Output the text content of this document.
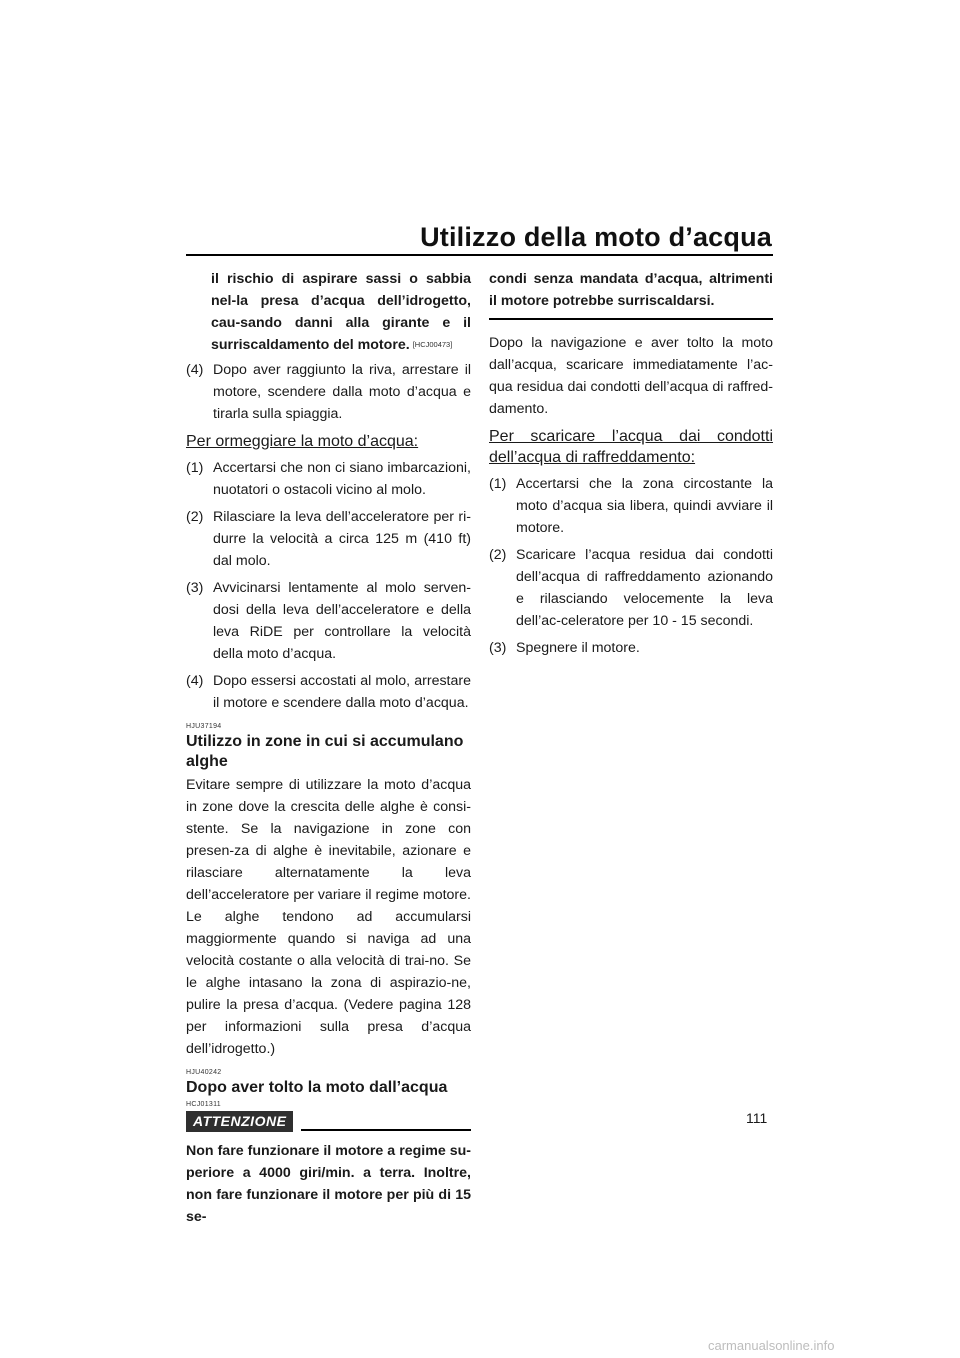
Utilizzo della moto d’acqua

il rischio di aspirare sassi o sabbia nel-la presa d’acqua dell’idrogetto, cau-sando danni alla girante e il surriscaldamento del motore. [HCJ00473]

(4) Dopo aver raggiunto la riva, arrestare il motore, scendere dalla moto d’acqua e tirarla sulla spiaggia.
Per ormeggiare la moto d’acqua:
(1) Accertarsi che non ci siano imbarcazioni, nuotatori o ostacoli vicino al molo.
(2) Rilasciare la leva dell’acceleratore per ri-durre la velocità a circa 125 m (410 ft) dal molo.
(3) Avvicinarsi lentamente al molo serven-dosi della leva dell’acceleratore e della leva RiDE per controllare la velocità della moto d’acqua.
(4) Dopo essersi accostati al molo, arrestare il motore e scendere dalla moto d’acqua.
HJU37194
Utilizzo in zone in cui si accumulano alghe

Evitare sempre di utilizzare la moto d’acqua in zone dove la crescita delle alghe è consi-stente. Se la navigazione in zone con presen-za di alghe è inevitabile, azionare e rilasciare alternatamente la leva dell’acceleratore per variare il regime motore. Le alghe tendono ad accumularsi maggiormente quando si naviga ad una velocità costante o alla velocità di trai-no. Se le alghe intasano la zona di aspirazio-ne, pulire la presa d’acqua. (Vedere pagina 128 per informazioni sulla presa d’acqua dell’idrogetto.)

HJU40242
Dopo aver tolto la moto dall’acqua
HCJ01311
ATTENZIONE

Non fare funzionare il motore a regime su-periore a 4000 giri/min. a terra. Inoltre, non fare funzionare il motore per più di 15 se-

condi senza mandata d’acqua, altrimenti il motore potrebbe surriscaldarsi.

Dopo la navigazione e aver tolto la moto dall’acqua, scaricare immediatamente l’ac-qua residua dai condotti dell’acqua di raffred-damento.

Per scaricare l’acqua dai condotti
dell’acqua di raffreddamento:
(1) Accertarsi che la zona circostante la moto d’acqua sia libera, quindi avviare il motore.
(2) Scaricare l’acqua residua dai condotti dell’acqua di raffreddamento azionando e rilasciando velocemente la leva dell’ac-celeratore per 10 - 15 secondi.
(3) Spegnere il motore.
111
carmanualsonline.info
